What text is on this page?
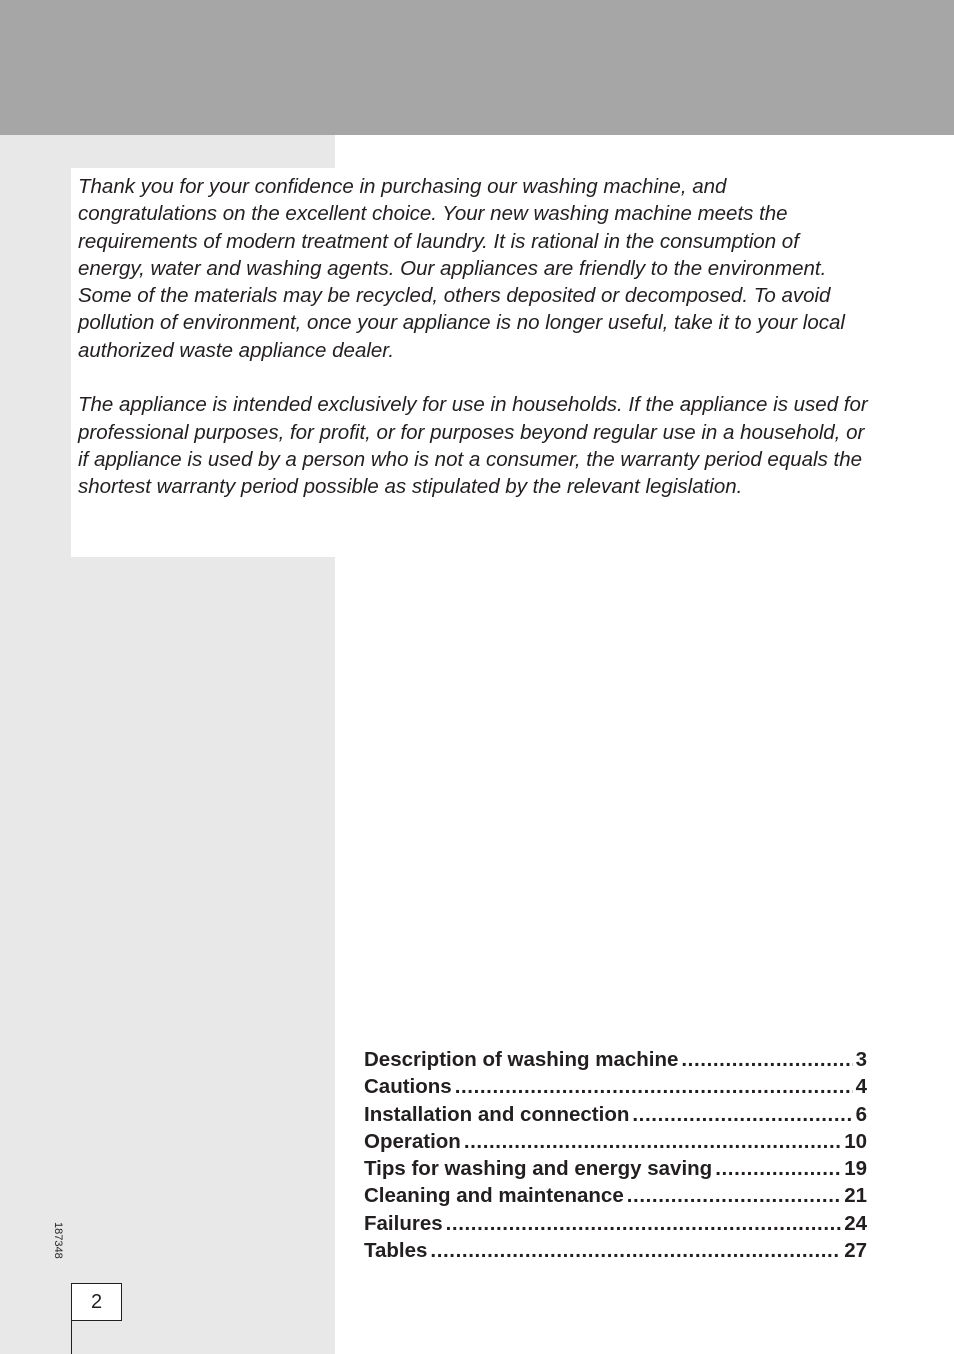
Thank you for your confidence in purchasing our washing machine, and congratulations on the excellent choice. Your new washing machine meets the requirements of modern treatment of laundry. It is rational in the consumption of energy, water and washing agents. Our appliances are friendly to the environment. Some of the materials may be recycled, others deposited or decomposed. To avoid pollution of environment, once your appliance is no longer useful, take it to your local authorized waste appliance dealer.

The appliance is intended exclusively for use in households. If the appliance is used for professional purposes, for profit, or for purposes beyond regular use in a household, or if appliance is used by a person who is not a consumer, the warranty period equals the shortest warranty period possible as stipulated by the relevant legislation.

Description of washing machine .....	3
Cautions .....	4
Installation and connection .....	6
Operation .....	10
Tips for washing and energy saving .....	19
Cleaning and maintenance .....	21
Failures .....	24
Tables .....	27
187348
2
